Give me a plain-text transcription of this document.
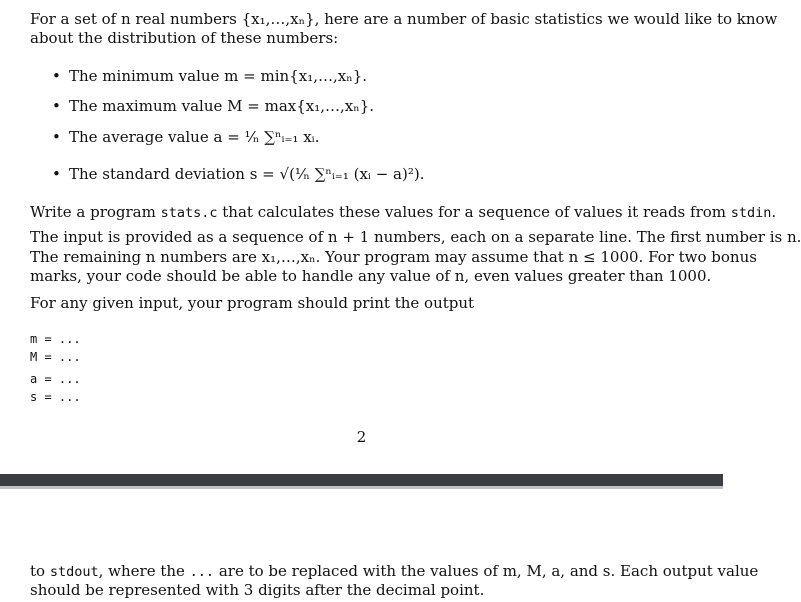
For a set of n real numbers {x₁,…,xₙ}, here are a number of basic statistics we would like to know
about the distribution of these numbers:
• The minimum value m = min{x₁,…,xₙ}.
• The maximum value M = max{x₁,…,xₙ}.
• The average value a = ¹⁄ₙ ∑ⁿᵢ₌₁ xᵢ.
• The standard deviation s = √(¹⁄ₙ ∑ⁿᵢ₌₁ (xᵢ − a)²).
Write a program stats.c that calculates these values for a sequence of values it reads from stdin.
The input is provided as a sequence of n + 1 numbers, each on a separate line. The first number is n.
The remaining n numbers are x₁,…,xₙ. Your program may assume that n ≤ 1000. For two bonus
marks, your code should be able to handle any value of n, even values greater than 1000.
For any given input, your program should print the output
m = ...
M = ...
a = ...
s = ...
2
to stdout, where the ... are to be replaced with the values of m, M, a, and s. Each output value
should be represented with 3 digits after the decimal point.
